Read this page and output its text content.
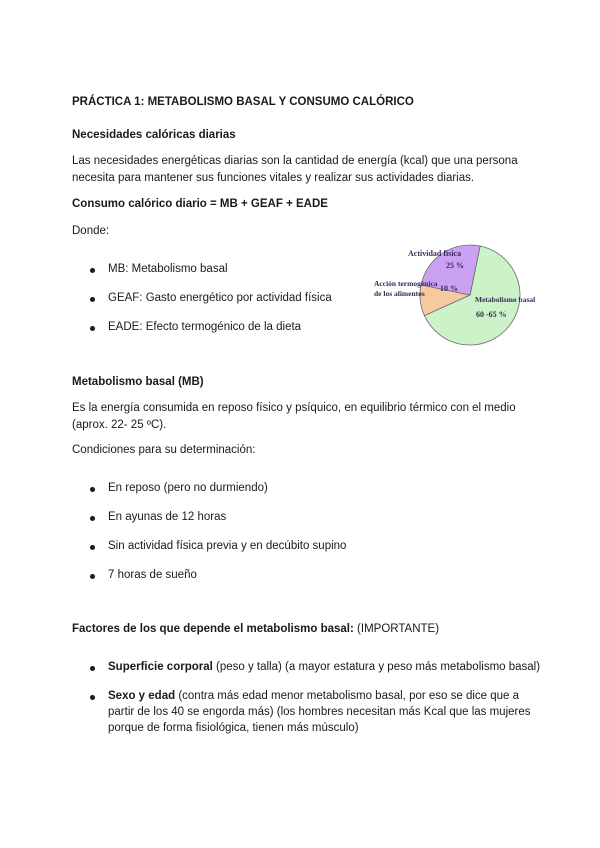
PRÁCTICA 1: METABOLISMO BASAL Y CONSUMO CALÓRICO
Necesidades calóricas diarias
Las necesidades energéticas diarias son la cantidad de energía (kcal) que una persona
necesita para mantener sus funciones vitales y realizar sus actividades diarias.
Consumo calórico diario = MB + GEAF + EADE
Donde:
MB: Metabolismo basal
GEAF: Gasto energético por actividad física
EADE: Efecto termogénico de la dieta
Actividad física
25 %
Acción termogénica
de los alimentos
10 %
Metabolismo basal
60 -65 %
Metabolismo basal (MB)
Es la energía consumida en reposo físico y psíquico, en equilibrio térmico con el medio
(aprox. 22- 25 ºC).
Condiciones para su determinación:
En reposo (pero no durmiendo)
En ayunas de 12 horas
Sin actividad física previa y en decúbito supino
7 horas de sueño
Factores de los que depende el metabolismo basal: (IMPORTANTE)
Superficie corporal (peso y talla) (a mayor estatura y peso más metabolismo basal)
Sexo y edad (contra más edad menor metabolismo basal, por eso se dice que a
partir de los 40 se engorda más) (los hombres necesitan más Kcal que las mujeres
porque de forma fisiológica, tienen más músculo)
